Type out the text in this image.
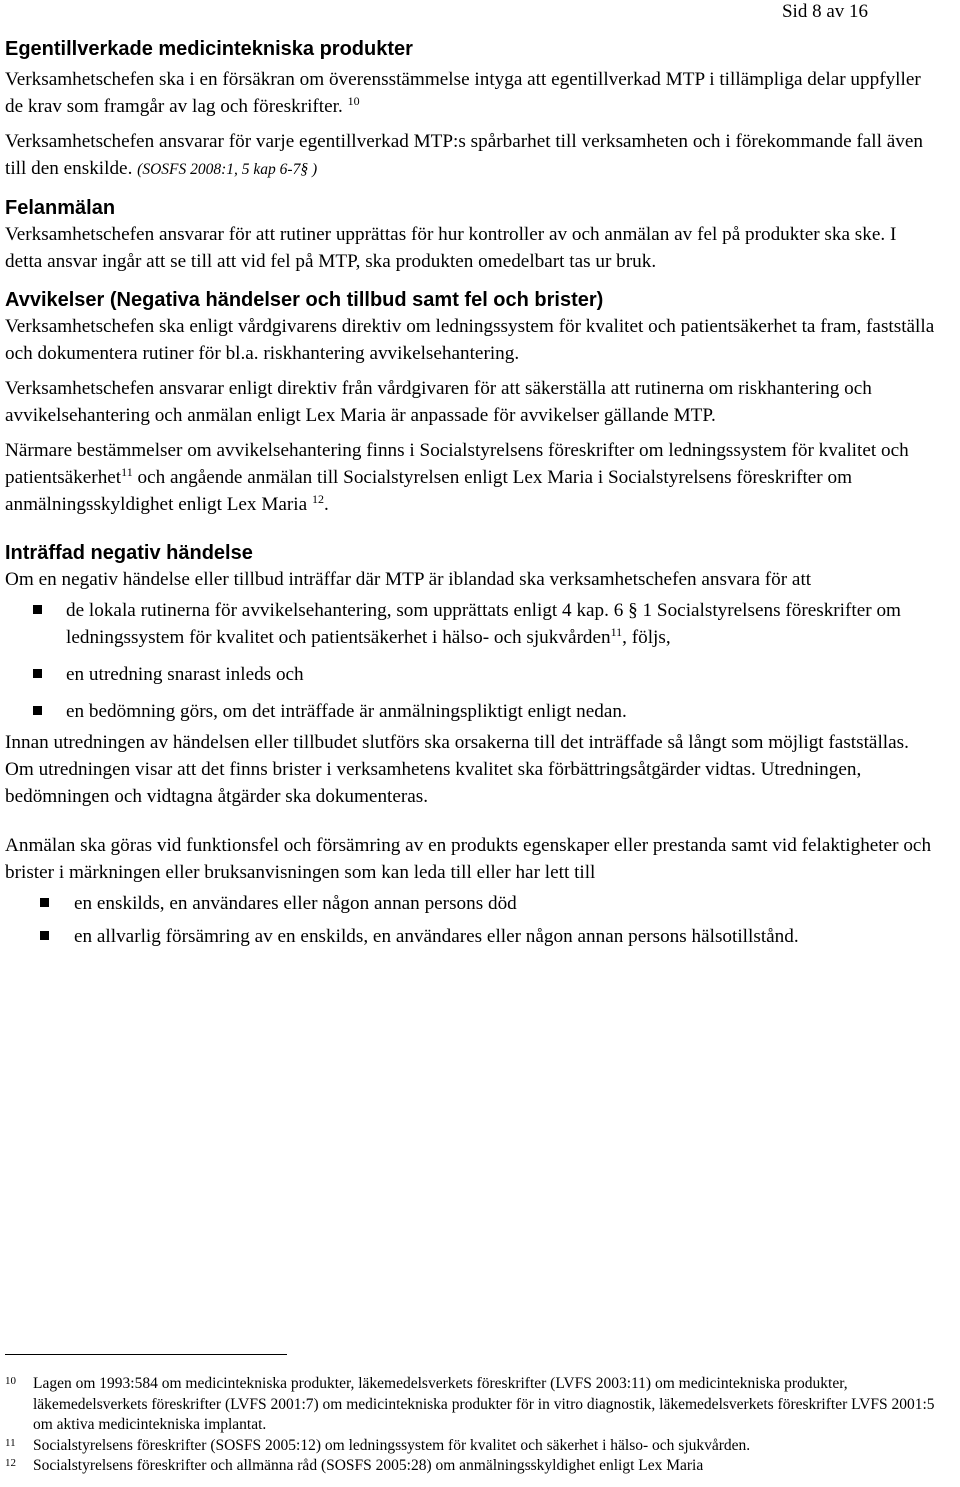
Sid 8 av 16
Egentillverkade medicintekniska produkter

Verksamhetschefen ska i en försäkran om överensstämmelse intyga att egentillverkad MTP i tillämpliga delar uppfyller de krav som framgår av lag och föreskrifter. $^{10}$

Verksamhetschefen ansvarar för varje egentillverkad MTP:s spårbarhet till verksamheten och i förekommande fall även till den enskilde. (SOSFS 2008:1, 5 kap 6-7§ )

Felanmälan

Verksamhetschefen ansvarar för att rutiner upprättas för hur kontroller av och anmälan av fel på produkter ska ske. I detta ansvar ingår att se till att vid fel på MTP, ska produkten omedelbart tas ur bruk.

Avvikelser (Negativa händelser och tillbud samt fel och brister)

Verksamhetschefen ska enligt vårdgivarens direktiv om ledningssystem för kvalitet och patientsäkerhet ta fram, fastställa och dokumentera rutiner för bl.a. riskhantering avvikelsehantering.

Verksamhetschefen ansvarar enligt direktiv från vårdgivaren för att säkerställa att rutinerna om riskhantering och avvikelsehantering och anmälan enligt Lex Maria är anpassade för avvikelser gällande MTP.

Närmare bestämmelser om avvikelsehantering finns i Socialstyrelsens föreskrifter om ledningssystem för kvalitet och patientsäkerhet$^{11}$ och angående anmälan till Socialstyrelsen enligt Lex Maria i Socialstyrelsens föreskrifter om anmälningsskyldighet enligt Lex Maria $^{12}$.

Inträffad negativ händelse

Om en negativ händelse eller tillbud inträffar där MTP är iblandad ska verksamhetschefen ansvara för att

de lokala rutinerna för avvikelsehantering, som upprättats enligt 4 kap. 6 § 1 Socialstyrelsens föreskrifter om ledningssystem för kvalitet och patientsäkerhet i hälso- och sjukvården$^{11}$, följs,
en utredning snarast inleds och
en bedömning görs, om det inträffade är anmälningspliktigt enligt nedan.

Innan utredningen av händelsen eller tillbudet slutförs ska orsakerna till det inträffade så långt som möjligt fastställas. Om utredningen visar att det finns brister i verksamhetens kvalitet ska förbättringsåtgärder vidtas. Utredningen, bedömningen och vidtagna åtgärder ska dokumenteras.

Anmälan ska göras vid funktionsfel och försämring av en produkts egenskaper eller prestanda samt vid felaktigheter och brister i märkningen eller bruksanvisningen som kan leda till eller har lett till

en enskilds, en användares eller någon annan persons död
en allvarlig försämring av en enskilds, en användares eller någon annan persons hälsotillstånd.
10 Lagen om 1993:584 om medicintekniska produkter, läkemedelsverkets föreskrifter (LVFS 2003:11) om medicintekniska produkter, läkemedelsverkets föreskrifter (LVFS 2001:7) om medicintekniska produkter för in vitro diagnostik, läkemedelsverkets föreskrifter LVFS 2001:5 om aktiva medicintekniska implantat.
11 Socialstyrelsens föreskrifter (SOSFS 2005:12) om ledningssystem för kvalitet och säkerhet i hälso- och sjukvården.
12 Socialstyrelsens föreskrifter och allmänna råd (SOSFS 2005:28) om anmälningsskyldighet enligt Lex Maria
